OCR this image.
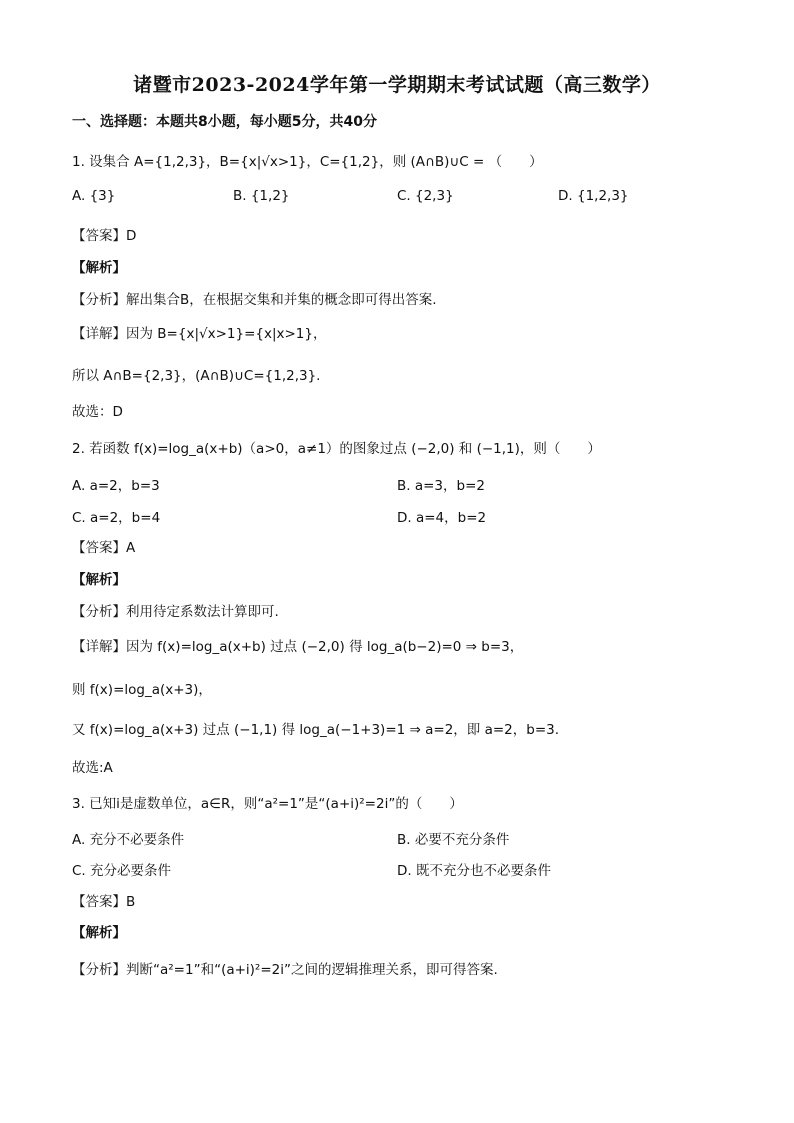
诸暨市2023-2024学年第一学期期末考试试题（高三数学）
一、选择题：本题共8小题，每小题5分，共40分
1. 设集合 A={1,2,3}，B={x|√x>1}，C={1,2}，则 (A∩B)∪C = （　　）
A. {3}	B. {1,2}	C. {2,3}	D. {1,2,3}
【答案】D
【解析】
【分析】解出集合B，在根据交集和并集的概念即可得出答案.
【详解】因为 B={x|√x>1}={x|x>1}，
所以 A∩B={2,3}，(A∩B)∪C={1,2,3}.
故选：D
2. 若函数 f(x)=log_a(x+b)（a>0，a≠1）的图象过点 (−2,0) 和 (−1,1)，则（　　）
A. a=2，b=3	B. a=3，b=2
C. a=2，b=4	D. a=4，b=2
【答案】A
【解析】
【分析】利用待定系数法计算即可.
【详解】因为 f(x)=log_a(x+b) 过点 (−2,0) 得 log_a(b−2)=0 ⇒ b=3，
则 f(x)=log_a(x+3)，
又 f(x)=log_a(x+3) 过点 (−1,1) 得 log_a(−1+3)=1 ⇒ a=2，即 a=2，b=3.
故选:A
3. 已知i是虚数单位，a∈R，则“a²=1”是“(a+i)²=2i”的（　　）
A. 充分不必要条件	B. 必要不充分条件
C. 充分必要条件	D. 既不充分也不必要条件
【答案】B
【解析】
【分析】判断“a²=1”和“(a+i)²=2i”之间的逻辑推理关系，即可得答案.
